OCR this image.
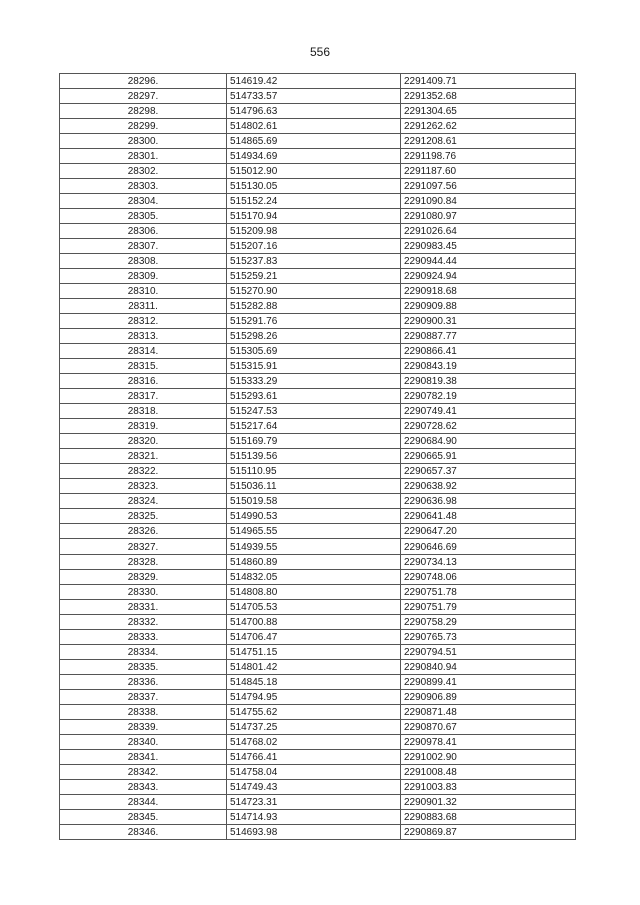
556
28296.	514619.42	2291409.71
28297.	514733.57	2291352.68
28298.	514796.63	2291304.65
28299.	514802.61	2291262.62
28300.	514865.69	2291208.61
28301.	514934.69	2291198.76
28302.	515012.90	2291187.60
28303.	515130.05	2291097.56
28304.	515152.24	2291090.84
28305.	515170.94	2291080.97
28306.	515209.98	2291026.64
28307.	515207.16	2290983.45
28308.	515237.83	2290944.44
28309.	515259.21	2290924.94
28310.	515270.90	2290918.68
28311.	515282.88	2290909.88
28312.	515291.76	2290900.31
28313.	515298.26	2290887.77
28314.	515305.69	2290866.41
28315.	515315.91	2290843.19
28316.	515333.29	2290819.38
28317.	515293.61	2290782.19
28318.	515247.53	2290749.41
28319.	515217.64	2290728.62
28320.	515169.79	2290684.90
28321.	515139.56	2290665.91
28322.	515110.95	2290657.37
28323.	515036.11	2290638.92
28324.	515019.58	2290636.98
28325.	514990.53	2290641.48
28326.	514965.55	2290647.20
28327.	514939.55	2290646.69
28328.	514860.89	2290734.13
28329.	514832.05	2290748.06
28330.	514808.80	2290751.78
28331.	514705.53	2290751.79
28332.	514700.88	2290758.29
28333.	514706.47	2290765.73
28334.	514751.15	2290794.51
28335.	514801.42	2290840.94
28336.	514845.18	2290899.41
28337.	514794.95	2290906.89
28338.	514755.62	2290871.48
28339.	514737.25	2290870.67
28340.	514768.02	2290978.41
28341.	514766.41	2291002.90
28342.	514758.04	2291008.48
28343.	514749.43	2291003.83
28344.	514723.31	2290901.32
28345.	514714.93	2290883.68
28346.	514693.98	2290869.87
